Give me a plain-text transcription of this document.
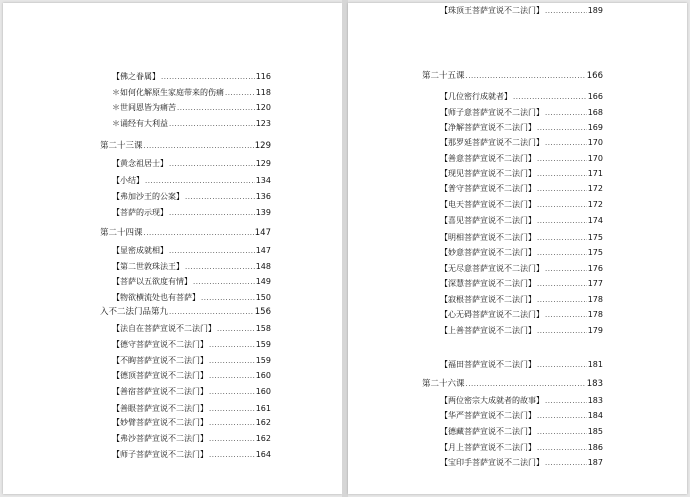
【佛之眷属】 .....	116
＊如何化解原生家庭带来的伤痛 .....	118
＊世间恩皆为痛苦 .....	120
＊诵经有大利益 .....	123
第二十三课 .....	129
【黄念祖居士】 .....	129
【小结】 .....	134
【弗加沙王的公案】 .....	136
【菩萨的示现】 .....	139
第二十四课 .....	147
【显密成就相】 .....	147
【第二世敦珠法王】 .....	148
【菩萨以五欲度有情】 .....	149
【物欲横流处也有菩萨】 .....	150
入不二法门品第九 .....	156
【法自在菩萨宣说不二法门】 .....	158
【德守菩萨宣说不二法门】 .....	159
【不眴菩萨宣说不二法门】 .....	159
【德顶菩萨宣说不二法门】 .....	160
【善宿菩萨宣说不二法门】 .....	160
【善眼菩萨宣说不二法门】 .....	161
【妙臂菩萨宣说不二法门】 .....	162
【弗沙菩萨宣说不二法门】 .....	162
【师子菩萨宣说不二法门】 .....	164
第二十五课 .....	166
【几位密行成就者】 .....	166
【师子意菩萨宣说不二法门】 .....	168
【净解菩萨宣说不二法门】 .....	169
【那罗延菩萨宣说不二法门】 .....	170
【善意菩萨宣说不二法门】 .....	170
【现见菩萨宣说不二法门】 .....	171
【普守菩萨宣说不二法门】 .....	172
【电天菩萨宣说不二法门】 .....	172
【喜见菩萨宣说不二法门】 .....	174
【明相菩萨宣说不二法门】 .....	175
【妙意菩萨宣说不二法门】 .....	175
【无尽意菩萨宣说不二法门】 .....	176
【深慧菩萨宣说不二法门】 .....	177
【寂根菩萨宣说不二法门】 .....	178
【心无碍菩萨宣说不二法门】 .....	178
【上善菩萨宣说不二法门】 .....	179
【福田菩萨宣说不二法门】 .....	181
第二十六课 .....	183
【两位密宗大成就者的故事】 .....	183
【华严菩萨宣说不二法门】 .....	184
【德藏菩萨宣说不二法门】 .....	185
【月上菩萨宣说不二法门】 .....	186
【宝印手菩萨宣说不二法门】 .....	187
【珠顶王菩萨宣说不二法门】 .....	189
